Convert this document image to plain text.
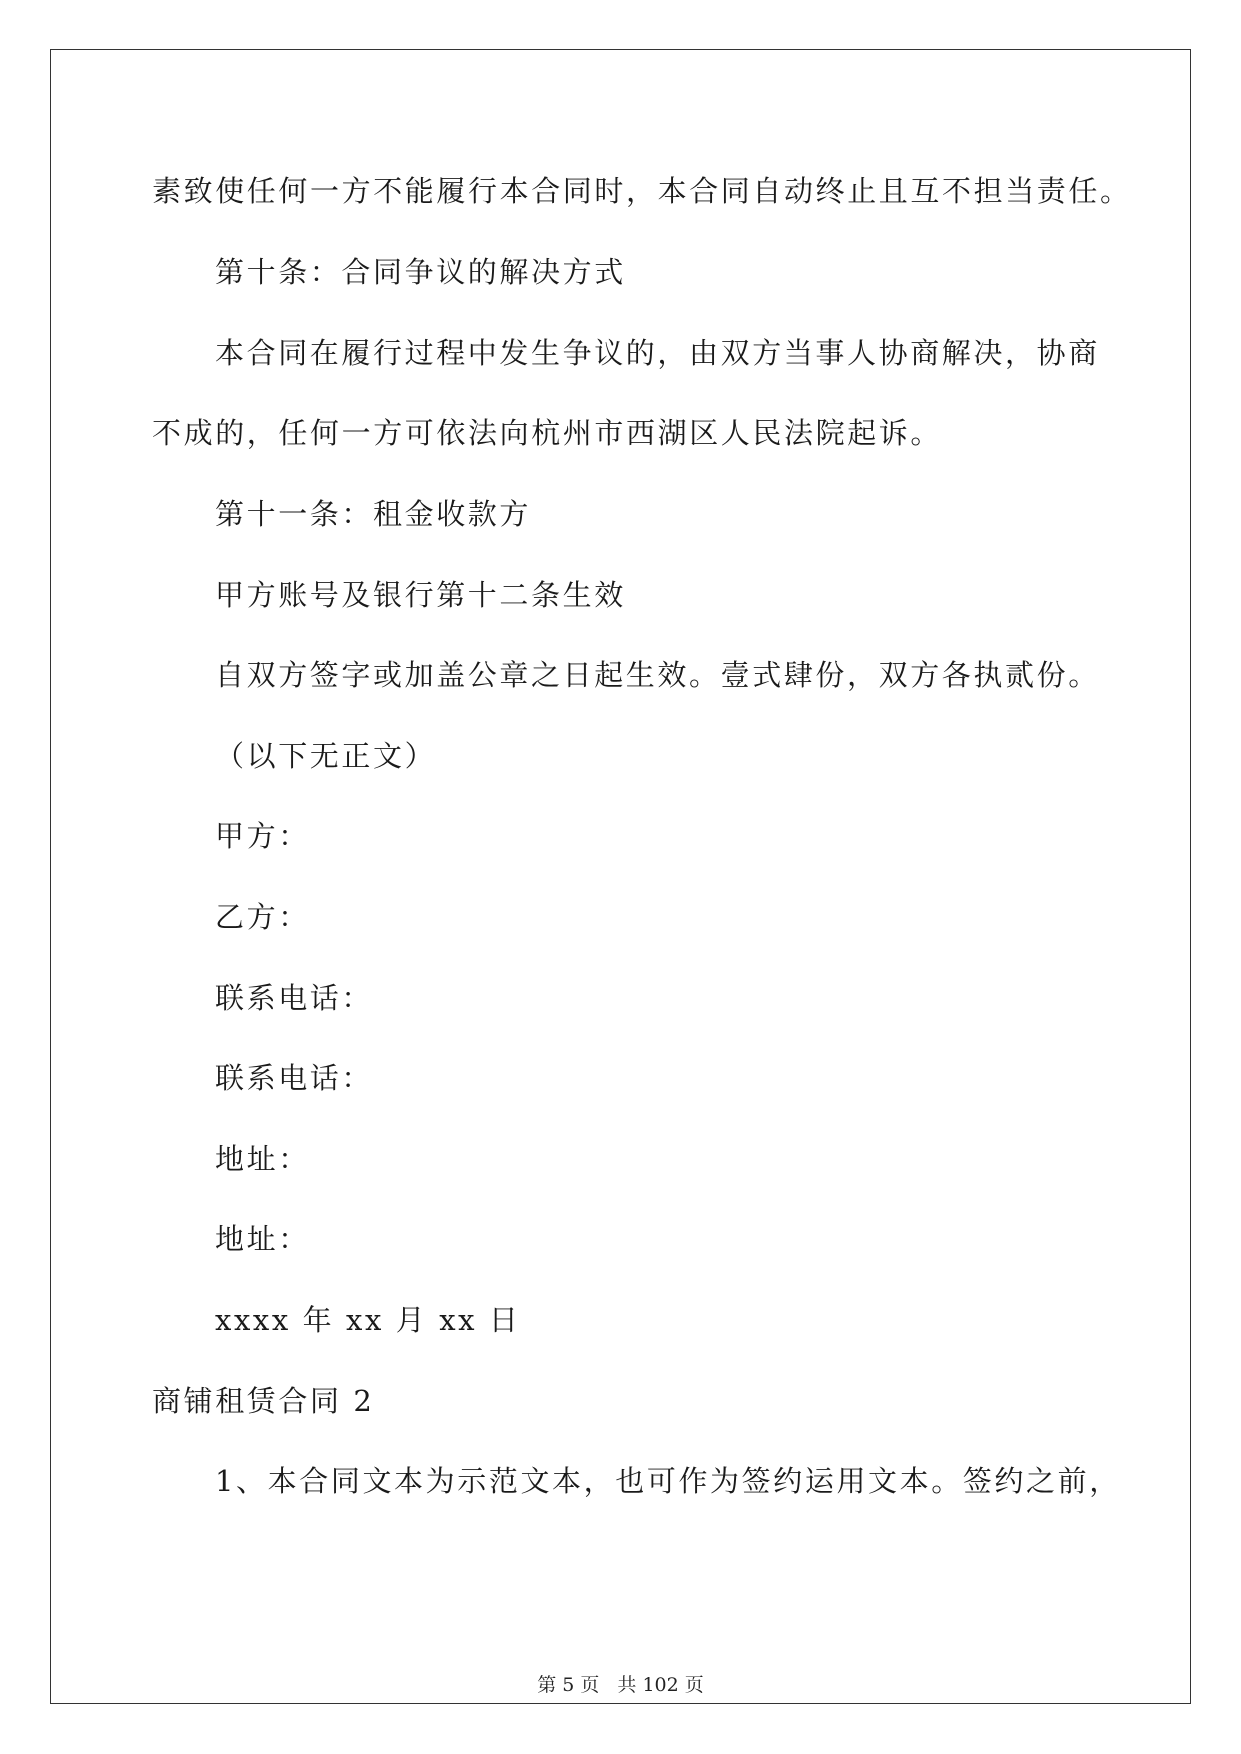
素致使任何一方不能履行本合同时，本合同自动终止且互不担当责任。
第十条：合同争议的解决方式
本合同在履行过程中发生争议的，由双方当事人协商解决，协商
不成的，任何一方可依法向杭州市西湖区人民法院起诉。
第十一条：租金收款方
甲方账号及银行第十二条生效
自双方签字或加盖公章之日起生效。壹式肆份，双方各执贰份。
（以下无正文）
甲方：
乙方：
联系电话：
联系电话：
地址：
地址：
xxxx 年 xx 月 xx 日
商铺租赁合同 2
1、本合同文本为示范文本，也可作为签约运用文本。签约之前，
第 5 页 共 102 页
